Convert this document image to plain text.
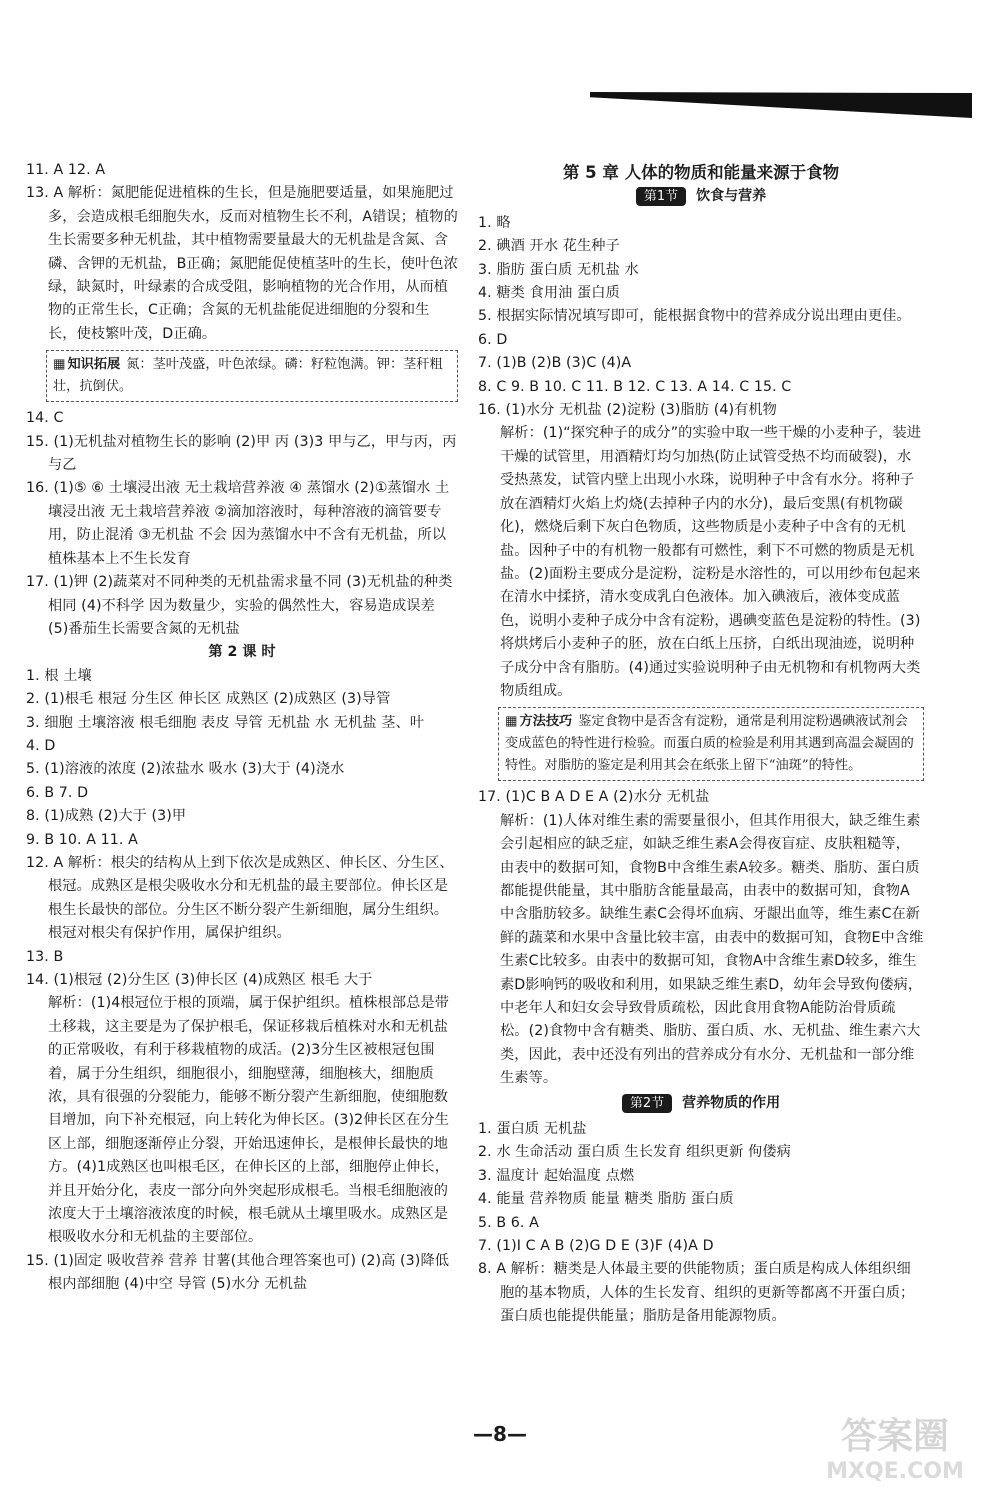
11. A 12. A

13. A 解析：氮肥能促进植株的生长，但是施肥要适量，如果施肥过多，会造成根毛细胞失水，反而对植物生长不利，A错误；植物的生长需要多种无机盐，其中植物需要量最大的无机盐是含氮、含磷、含钾的无机盐，B正确；氮肥能促使植茎叶的生长，使叶色浓绿，缺氮时，叶绿素的合成受阻，影响植物的光合作用，从而植物的正常生长，C正确；含氮的无机盐能促进细胞的分裂和生长，使枝繁叶茂，D正确。

▦ 知识拓展 氮：茎叶茂盛，叶色浓绿。磷：籽粒饱满。钾：茎秆粗壮，抗倒伏。

14. C

15. (1)无机盐对植物生长的影响 (2)甲 丙 (3)3 甲与乙，甲与丙，丙与乙

16. (1)⑤ ⑥ 土壤浸出液 无土栽培营养液 ④ 蒸馏水 (2)①蒸馏水 土壤浸出液 无土栽培营养液 ②滴加溶液时，每种溶液的滴管要专用，防止混淆 ③无机盐 不会 因为蒸馏水中不含有无机盐，所以植株基本上不生长发育

17. (1)钾 (2)蔬菜对不同种类的无机盐需求量不同 (3)无机盐的种类 相同 (4)不科学 因为数量少，实验的偶然性大，容易造成误差 (5)番茄生长需要含氮的无机盐

第 2 课 时

1. 根 土壤

2. (1)根毛 根冠 分生区 伸长区 成熟区 (2)成熟区 (3)导管

3. 细胞 土壤溶液 根毛细胞 表皮 导管 无机盐 水 无机盐 茎、叶

4. D

5. (1)溶液的浓度 (2)浓盐水 吸水 (3)大于 (4)浇水

6. B 7. D

8. (1)成熟 (2)大于 (3)甲

9. B 10. A 11. A

12. A 解析：根尖的结构从上到下依次是成熟区、伸长区、分生区、根冠。成熟区是根尖吸收水分和无机盐的最主要部位。伸长区是根生长最快的部位。分生区不断分裂产生新细胞，属分生组织。根冠对根尖有保护作用，属保护组织。

13. B

14. (1)根冠 (2)分生区 (3)伸长区 (4)成熟区 根毛 大于

解析：(1)4根冠位于根的顶端，属于保护组织。植株根部总是带土移栽，这主要是为了保护根毛，保证移栽后植株对水和无机盐的正常吸收，有利于移栽植物的成活。(2)3分生区被根冠包围着，属于分生组织，细胞很小，细胞壁薄，细胞核大，细胞质浓，具有很强的分裂能力，能够不断分裂产生新细胞，使细胞数目增加，向下补充根冠，向上转化为伸长区。(3)2伸长区在分生区上部，细胞逐渐停止分裂，开始迅速伸长，是根伸长最快的地方。(4)1成熟区也叫根毛区，在伸长区的上部，细胞停止伸长，并且开始分化，表皮一部分向外突起形成根毛。当根毛细胞液的浓度大于土壤溶液浓度的时候，根毛就从土壤里吸水。成熟区是根吸收水分和无机盐的主要部位。

15. (1)固定 吸收营养 营养 甘薯(其他合理答案也可) (2)高 (3)降低 根内部细胞 (4)中空 导管 (5)水分 无机盐

第 5 章 人体的物质和能量来源于食物
第1节 饮食与营养

1. 略

2. 碘酒 开水 花生种子

3. 脂肪 蛋白质 无机盐 水

4. 糖类 食用油 蛋白质

5. 根据实际情况填写即可，能根据食物中的营养成分说出理由更佳。

6. D

7. (1)B (2)B (3)C (4)A

8. C 9. B 10. C 11. B 12. C 13. A 14. C 15. C

16. (1)水分 无机盐 (2)淀粉 (3)脂肪 (4)有机物

解析：(1)“探究种子的成分”的实验中取一些干燥的小麦种子，装进干燥的试管里，用酒精灯均匀加热(防止试管受热不均而破裂)，水受热蒸发，试管内壁上出现小水珠，说明种子中含有水分。将种子放在酒精灯火焰上灼烧(去掉种子内的水分)，最后变黑(有机物碳化)，燃烧后剩下灰白色物质，这些物质是小麦种子中含有的无机盐。因种子中的有机物一般都有可燃性，剩下不可燃的物质是无机盐。(2)面粉主要成分是淀粉，淀粉是水溶性的，可以用纱布包起来在清水中揉挤，清水变成乳白色液体。加入碘液后，液体变成蓝色，说明小麦种子成分中含有淀粉，遇碘变蓝色是淀粉的特性。(3)将烘烤后小麦种子的胚，放在白纸上压挤，白纸出现油迹，说明种子成分中含有脂肪。(4)通过实验说明种子由无机物和有机物两大类物质组成。

▦ 方法技巧 鉴定食物中是否含有淀粉，通常是利用淀粉遇碘液试剂会变成蓝色的特性进行检验。而蛋白质的检验是利用其遇到高温会凝固的特性。对脂肪的鉴定是利用其会在纸张上留下“油斑”的特性。

17. (1)C B A D E A (2)水分 无机盐

解析：(1)人体对维生素的需要量很小，但其作用很大，缺乏维生素会引起相应的缺乏症，如缺乏维生素A会得夜盲症、皮肤粗糙等，由表中的数据可知，食物B中含维生素A较多。糖类、脂肪、蛋白质都能提供能量，其中脂肪含能量最高，由表中的数据可知，食物A中含脂肪较多。缺维生素C会得坏血病、牙龈出血等，维生素C在新鲜的蔬菜和水果中含量比较丰富，由表中的数据可知，食物E中含维生素C比较多。由表中的数据可知，食物A中含维生素D较多，维生素D影响钙的吸收和利用，如果缺乏维生素D，幼年会导致佝偻病，中老年人和妇女会导致骨质疏松，因此食用食物A能防治骨质疏松。(2)食物中含有糖类、脂肪、蛋白质、水、无机盐、维生素六大类，因此，表中还没有列出的营养成分有水分、无机盐和一部分维生素等。

第2节 营养物质的作用

1. 蛋白质 无机盐

2. 水 生命活动 蛋白质 生长发育 组织更新 佝偻病

3. 温度计 起始温度 点燃

4. 能量 营养物质 能量 糖类 脂肪 蛋白质

5. B 6. A

7. (1)I C A B (2)G D E (3)F (4)A D

8. A 解析：糖类是人体最主要的供能物质；蛋白质是构成人体组织细胞的基本物质，人体的生长发育、组织的更新等都离不开蛋白质；蛋白质也能提供能量；脂肪是备用能源物质。

—8—	答案圈
MXQE.COM
